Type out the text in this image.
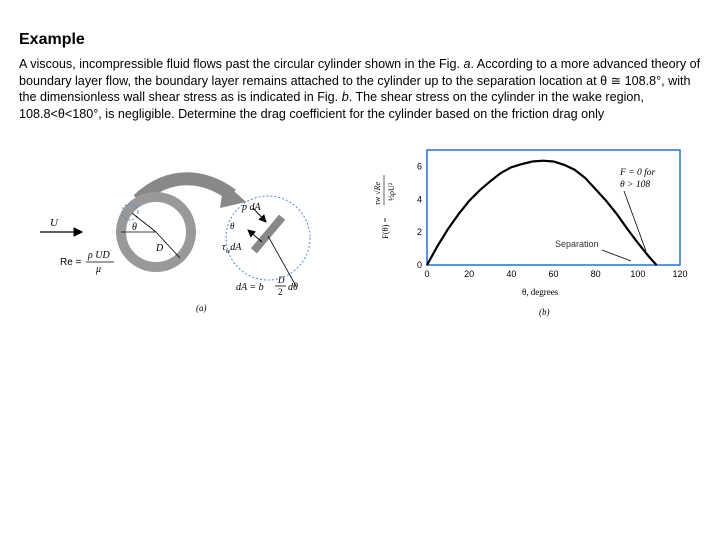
Example
A viscous, incompressible fluid flows past the circular cylinder shown in the Fig. a. According to a more advanced theory of boundary layer flow, the boundary layer remains attached to the cylinder up to the separation location at θ ≅ 108.8°, with the dimensionless wall shear stress as is indicated in Fig. b. The shear stress on the cylinder in the wake region, 108.8<θ<180°, is negligible. Determine the drag coefficient for the cylinder based on the friction drag only
U	θ
D
Re =
ρ UD
μ
p dA
θ
$\tau_wdA$
dA = b
D
2 dθ
(a)
F(θ) =
τw √Re ½ρU²
0	20	40	60	80	100	120
0
2
4
6
F = 0 for
θ > 108
Separation
θ, degrees
(b)
